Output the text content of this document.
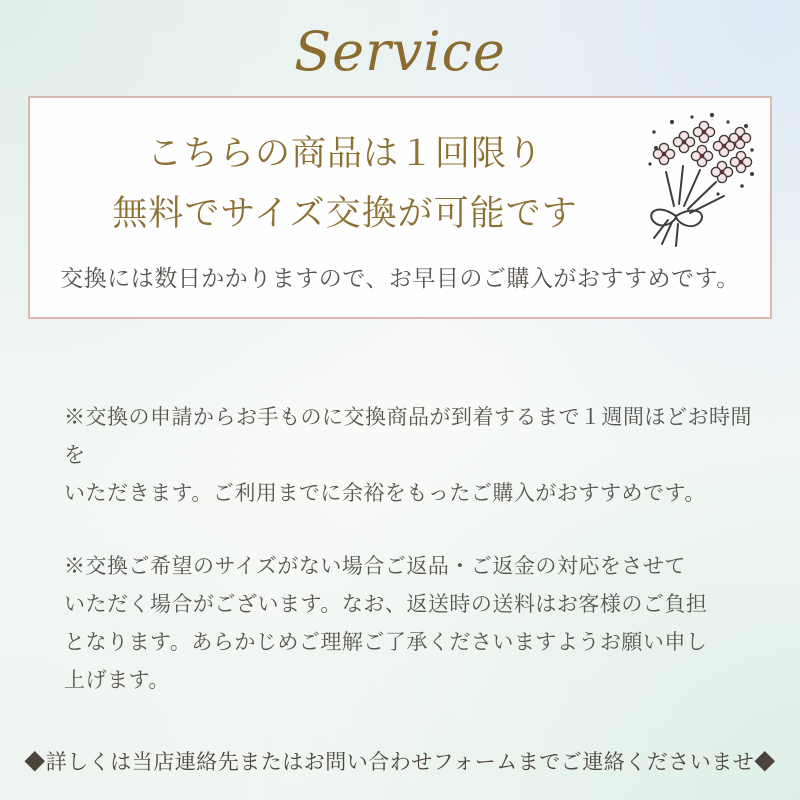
Service
こちらの商品は１回限り
無料でサイズ交換が可能です
交換には数日かかりますので、お早目のご購入がおすすめです。

※交換の申請からお手ものに交換商品が到着するまで１週間ほどお時間を
いただきます。ご利用までに余裕をもったご購入がおすすめです。

※交換ご希望のサイズがない場合ご返品・ご返金の対応をさせて
いただく場合がございます。なお、返送時の送料はお客様のご負担
となります。あらかじめご理解ご了承くださいますようお願い申し
上げます。

◆詳しくは当店連絡先またはお問い合わせフォームまでご連絡くださいませ◆
